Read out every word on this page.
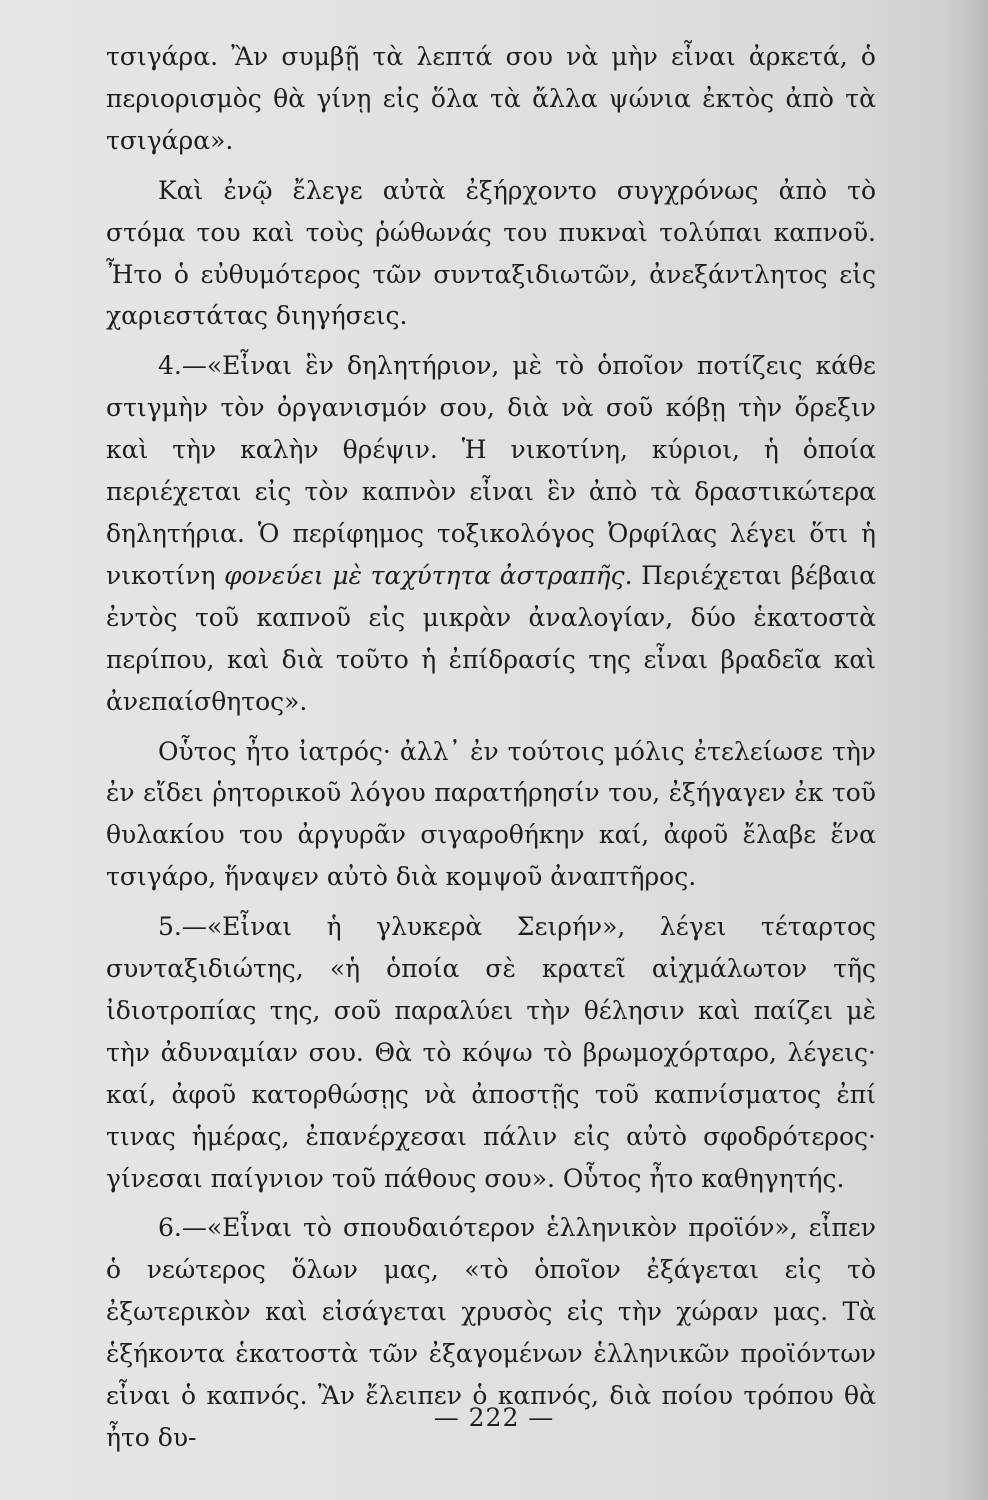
τσιγάρα. Ἂν συμβῇ τὰ λεπτά σου νὰ μὴν εἶναι ἀρκετά, ὁ περιορισμὸς θὰ γίνῃ εἰς ὅλα τὰ ἄλλα ψώνια ἐκτὸς ἀπὸ τὰ τσιγάρα».

Καὶ ἐνῷ ἔλεγε αὐτὰ ἐξήρχοντο συγχρόνως ἀπὸ τὸ στόμα του καὶ τοὺς ῥώθωνάς του πυκναὶ τολύπαι καπνοῦ. Ἦτο ὁ εὐθυμότερος τῶν συνταξιδιωτῶν, ἀνεξάντλητος εἰς χαριεστάτας διηγήσεις.

4.—«Εἶναι ἓν δηλητήριον, μὲ τὸ ὁποῖον ποτίζεις κάθε στιγμὴν τὸν ὀργανισμόν σου, διὰ νὰ σοῦ κόβῃ τὴν ὄρεξιν καὶ τὴν καλὴν θρέψιν. Ἡ νικοτίνη, κύριοι, ἡ ὁποία περιέχεται εἰς τὸν καπνὸν εἶναι ἓν ἀπὸ τὰ δραστικώτερα δηλητήρια. Ὁ περίφημος τοξικολόγος Ὀρφίλας λέγει ὅτι ἡ νικοτίνη φονεύει μὲ ταχύτητα ἀστραπῆς. Περιέχεται βέβαια ἐντὸς τοῦ καπνοῦ εἰς μικρὰν ἀναλογίαν, δύο ἑκατοστὰ περίπου, καὶ διὰ τοῦτο ἡ ἐπίδρασίς της εἶναι βραδεῖα καὶ ἀνεπαίσθητος».

Οὗτος ἦτο ἰατρός· ἀλλ᾽ ἐν τούτοις μόλις ἐτελείωσε τὴν ἐν εἴδει ῥητορικοῦ λόγου παρατήρησίν του, ἐξήγαγεν ἐκ τοῦ θυλακίου του ἀργυρᾶν σιγαροθήκην καί, ἀφοῦ ἔλαβε ἕνα τσιγάρο, ἥναψεν αὐτὸ διὰ κομψοῦ ἀναπτῆρος.

5.—«Εἶναι ἡ γλυκερὰ Σειρήν», λέγει τέταρτος συνταξιδιώτης, «ἡ ὁποία σὲ κρατεῖ αἰχμάλωτον τῆς ἰδιοτροπίας της, σοῦ παραλύει τὴν θέλησιν καὶ παίζει μὲ τὴν ἀδυναμίαν σου. Θὰ τὸ κόψω τὸ βρωμοχόρταρο, λέγεις· καί, ἀφοῦ κατορθώσῃς νὰ ἀποστῇς τοῦ καπνίσματος ἐπί τινας ἡμέρας, ἐπανέρχεσαι πάλιν εἰς αὐτὸ σφοδρότερος· γίνεσαι παίγνιον τοῦ πάθους σου». Οὗτος ἦτο καθηγητής.

6.—«Εἶναι τὸ σπουδαιότερον ἑλληνικὸν προϊόν», εἶπεν ὁ νεώτερος ὅλων μας, «τὸ ὁποῖον ἐξάγεται εἰς τὸ ἐξωτερικὸν καὶ εἰσάγεται χρυσὸς εἰς τὴν χώραν μας. Τὰ ἑξήκοντα ἑκατοστὰ τῶν ἐξαγομένων ἑλληνικῶν προϊόντων εἶναι ὁ καπνός. Ἂν ἔλειπεν ὁ καπνός, διὰ ποίου τρόπου θὰ ἦτο δυ-

— 222 —
